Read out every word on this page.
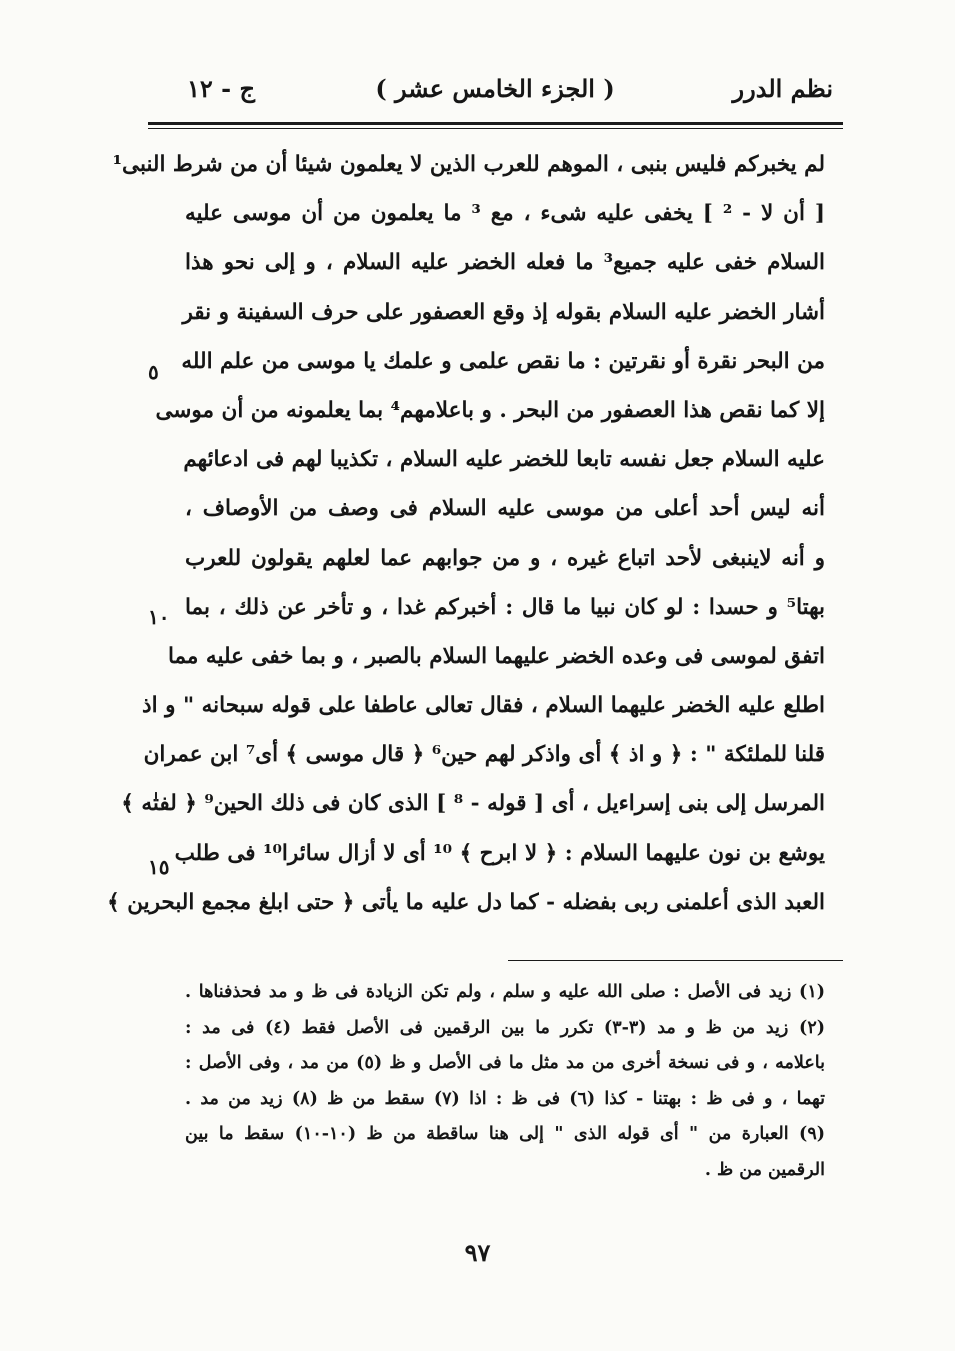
نظم الدرر
( الجزء الخامس عشر )
ج - ١٢
لم يخبركم فليس بنبى ، الموهم للعرب الذين لا يعلمون شيئا أن من شرط النبى¹
[ أن لا - ² ] يخفى عليه شىء ، مع ³ ما يعلمون من أن موسى عليه
السلام خفى عليه جميع³ ما فعله الخضر عليه السلام ، و إلى نحو هذا
أشار الخضر عليه السلام بقوله إذ وقع العصفور على حرف السفينة و نقر
من البحر نقرة أو نقرتين : ما نقص علمى و علمك يا موسى من علم الله
إلا كما نقص هذا العصفور من البحر . و باعلامهم⁴ بما يعلمونه من أن موسى
عليه السلام جعل نفسه تابعا للخضر عليه السلام ، تكذيبا لهم فى ادعائهم
أنه ليس أحد أعلى من موسى عليه السلام فى وصف من الأوصاف ،
و أنه لاينبغى لأحد اتباع غيره ، و من جوابهم عما لعلهم يقولون للعرب
بهتا⁵ و حسدا : لو كان نبيا ما قال : أخبركم غدا ، و تأخر عن ذلك ، بما
اتفق لموسى فى وعده الخضر عليهما السلام بالصبر ، و بما خفى عليه مما
اطلع عليه الخضر عليهما السلام ، فقال تعالى عاطفا على قوله سبحانه " و اذ
قلنا للملئكة " : ﴿ و اذ ﴾ أى واذكر لهم حين⁶ ﴿ قال موسى ﴾ أى⁷ ابن عمران
المرسل إلى بنى إسراءيل ، أى [ قوله - ⁸ ] الذى كان فى ذلك الحين⁹ ﴿ لفتٰه ﴾
يوشع بن نون عليهما السلام : ﴿ لا ابرح ﴾ ¹⁰ أى لا أزال سائرا¹⁰ فى طلب
العبد الذى أعلمنى ربى بفضله - كما دل عليه ما يأتى ﴿ حتى ابلغ مجمع البحرين ﴾
٥
١٠
١٥
(١) زيد فى الأصل : صلى الله عليه و سلم ، ولم تكن الزيادة فى ظ و مد فحذفناها .
(٢) زيد من ظ و مد (٣-٣) تكرر ما بين الرقمين فى الأصل فقط (٤) فى مد :
باعلامه ، و فى نسخة أخرى من مد مثل ما فى الأصل و ظ (٥) من مد ، وفى الأصل :
تهما ، و فى ظ : بهتنا - كذا (٦) فى ظ : اذا (٧) سقط من ظ (٨) زيد من مد .
(٩) العبارة من " أى قوله الذى " إلى هنا ساقطة من ظ (١٠-١٠) سقط ما بين
الرقمين من ظ .
٩٧
